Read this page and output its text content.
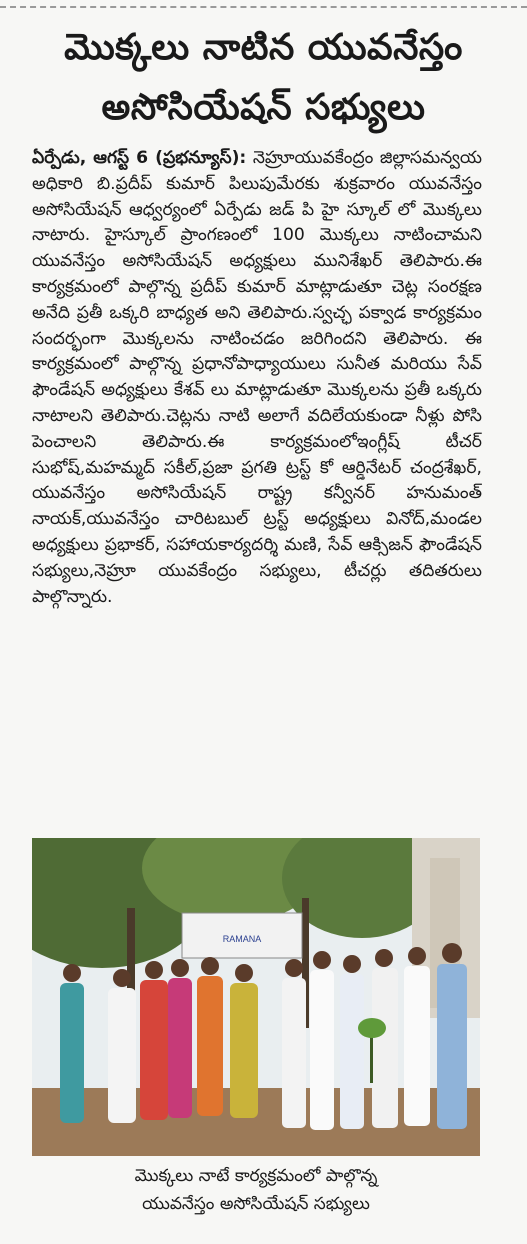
మొక్కలు నాటిన యువనేస్తం
అసోసియేషన్ సభ్యులు

ఏర్పేడు, ఆగస్ట్ 6 (ప్రభన్యూస్): నెహ్రూయువకేంద్రం జిల్లాసమన్వయ అధికారి బి.ప్రదీప్ కుమార్ పిలుపుమేరకు శుక్రవారం యువనేస్తం అసోసియేషన్ ఆధ్వర్యంలో ఏర్పేడు జడ్ పి హై స్కూల్ లో మొక్కలు నాటారు. హైస్కూల్ ప్రాంగణంలో 100 మొక్కలు నాటించామని యువనేస్తం అసోసియేషన్ అధ్యక్షులు మునిశేఖర్ తెలిపారు.ఈ కార్యక్రమంలో పాల్గొన్న ప్రదీప్ కుమార్ మాట్లాడుతూ చెట్ల సంరక్షణ అనేది ప్రతీ ఒక్కరి బాధ్యత అని తెలిపారు.స్వచ్ఛ పక్వాడ కార్యక్రమం సందర్భంగా మొక్కలను నాటించడం జరిగిందని తెలిపారు. ఈ కార్యక్రమంలో పాల్గొన్న ప్రధానోపాధ్యాయులు సునీత మరియు సేవ్ ఫౌండేషన్ అధ్యక్షులు కేశవ్ లు మాట్లాడుతూ మొక్కలను ప్రతీ ఒక్కరు నాటాలని తెలిపారు.చెట్లను నాటి అలాగే వదిలేయకుండా నీళ్లు పోసి పెంచాలని తెలిపారు.ఈ కార్యక్రమంలోఇంగ్లీష్ టీచర్ సుభోష్,మహమ్మద్ సకీల్,ప్రజా ప్రగతి ట్రస్ట్ కో ఆర్డినేటర్ చంద్రశేఖర్, యువనేస్తం అసోసియేషన్ రాష్ట్ర కన్వీనర్ హనుమంత్ నాయక్,యువనేస్తం చారిటబుల్ ట్రస్ట్ అధ్యక్షులు వినోద్,మండల అధ్యక్షులు ప్రభాకర్, సహాయకార్యదర్శి మణి, సేవ్ ఆక్సిజన్ ఫౌండేషన్ సభ్యులు,నెహ్రూ యువకేంద్రం సభ్యులు, టీచర్లు తదితరులు పాల్గొన్నారు.

RAMANA

మొక్కలు నాటే కార్యక్రమంలో పాల్గొన్న
యువనేస్తం అసోసియేషన్ సభ్యులు
